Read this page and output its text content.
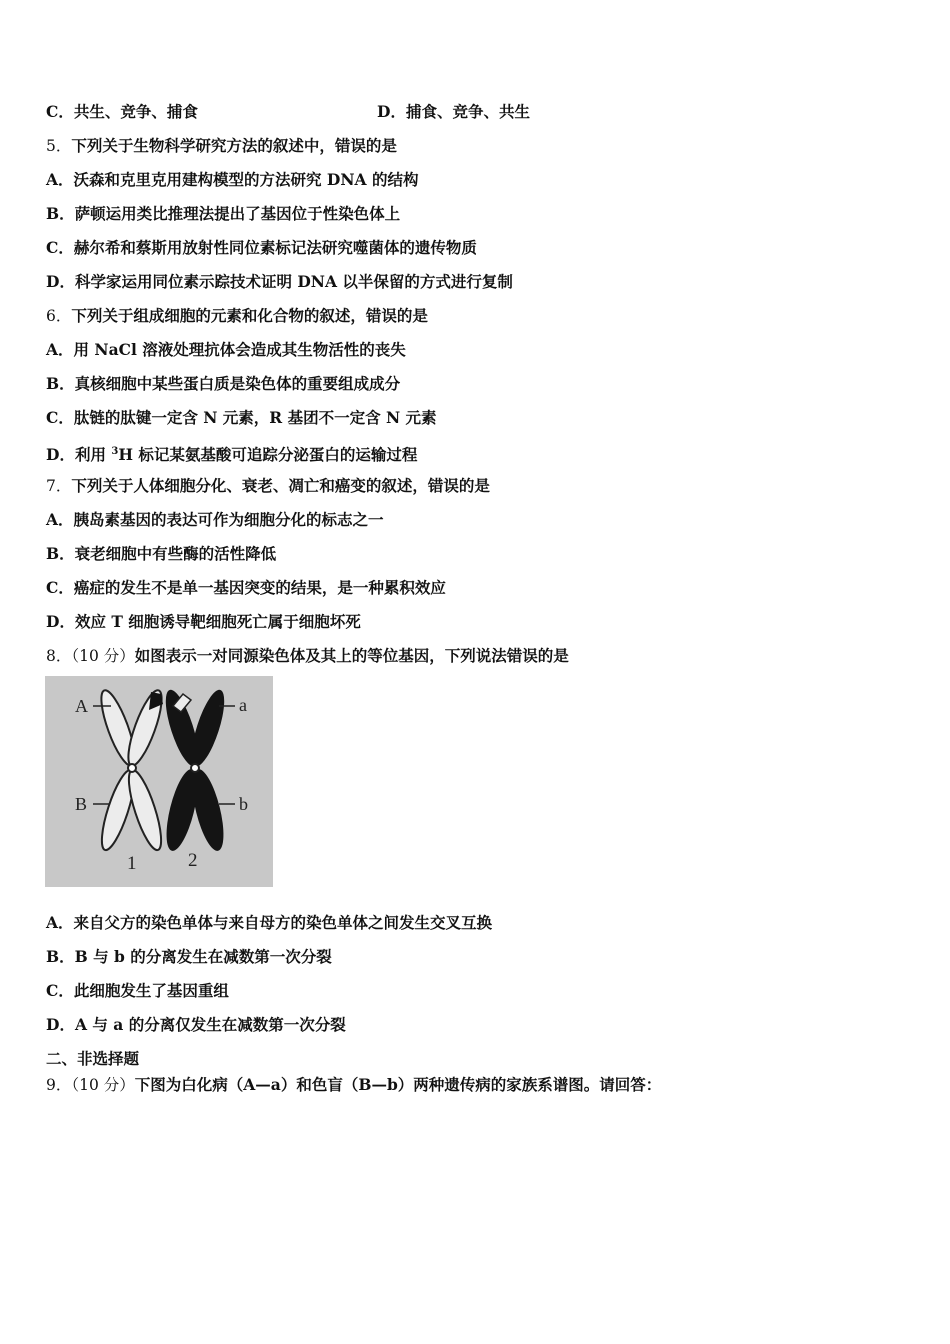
C．共生、竞争、捕食	D．捕食、竞争、共生
5．下列关于生物科学研究方法的叙述中，错误的是
A．沃森和克里克用建构模型的方法研究 DNA 的结构
B．萨顿运用类比推理法提出了基因位于性染色体上
C．赫尔希和蔡斯用放射性同位素标记法研究噬菌体的遗传物质
D．科学家运用同位素示踪技术证明 DNA 以半保留的方式进行复制
6．下列关于组成细胞的元素和化合物的叙述，错误的是
A．用 NaCl 溶液处理抗体会造成其生物活性的丧失
B．真核细胞中某些蛋白质是染色体的重要组成成分
C．肽链的肽键一定含 N 元素，R 基团不一定含 N 元素
D．利用 $^3$H 标记某氨基酸可追踪分泌蛋白的运输过程
7．下列关于人体细胞分化、衰老、凋亡和癌变的叙述，错误的是
A．胰岛素基因的表达可作为细胞分化的标志之一
B．衰老细胞中有些酶的活性降低
C．癌症的发生不是单一基因突变的结果，是一种累积效应
D．效应 T 细胞诱导靶细胞死亡属于细胞坏死
8．（10 分）如图表示一对同源染色体及其上的等位基因，下列说法错误的是
A	a
B	b
1	2
A．来自父方的染色单体与来自母方的染色单体之间发生交叉互换
B．B 与 b 的分离发生在减数第一次分裂
C．此细胞发生了基因重组
D．A 与 a 的分离仅发生在减数第一次分裂
二、非选择题
9．（10 分）下图为白化病（A—a）和色盲（B—b）两种遗传病的家族系谱图。请回答：
